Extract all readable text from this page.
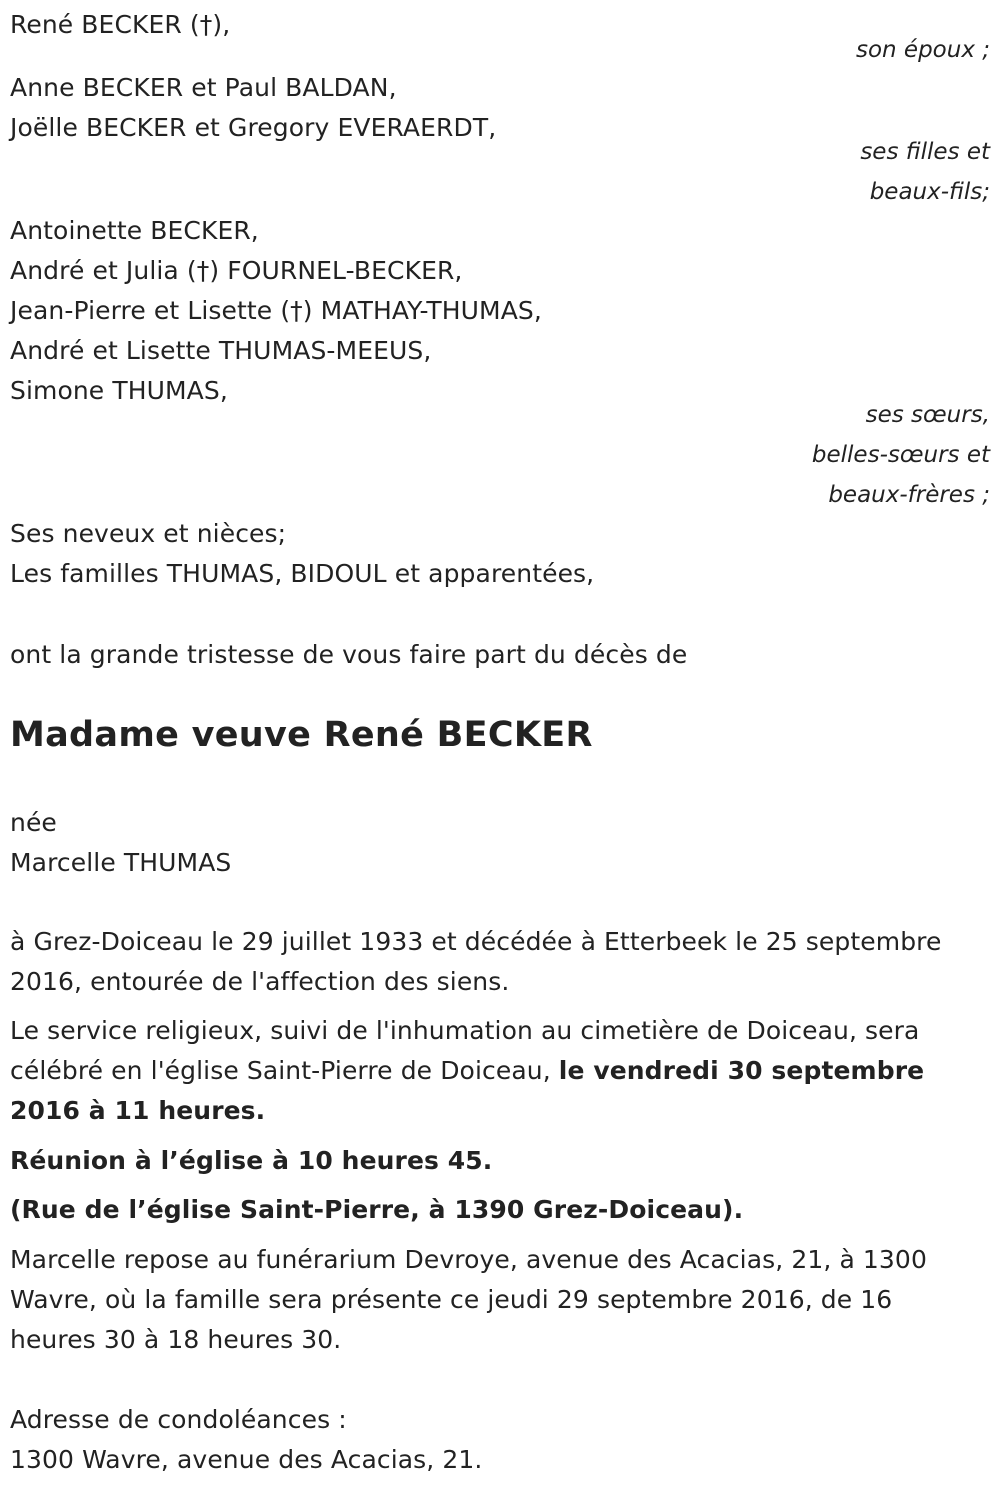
René BECKER (†),
son époux ;
Anne BECKER et Paul BALDAN,
Joëlle BECKER et Gregory EVERAERDT,
ses filles et
beaux-fils;
Antoinette BECKER,
André et Julia (†) FOURNEL-BECKER,
Jean-Pierre et Lisette (†) MATHAY-THUMAS,
André et Lisette THUMAS-MEEUS,
Simone THUMAS,
ses sœurs,
belles-sœurs et
beaux-frères ;
Ses neveux et nièces;
Les familles THUMAS, BIDOUL et apparentées,
ont la grande tristesse de vous faire part du décès de
Madame veuve René BECKER
née
Marcelle THUMAS
à Grez-Doiceau le 29 juillet 1933 et décédée à Etterbeek le 25 septembre 2016, entourée de l'affection des siens.
Le service religieux, suivi de l'inhumation au cimetière de Doiceau, sera célébré en l'église Saint-Pierre de Doiceau, le vendredi 30 septembre 2016 à 11 heures.
Réunion à l’église à 10 heures 45.
(Rue de l’église Saint-Pierre, à 1390 Grez-Doiceau).
Marcelle repose au funérarium Devroye, avenue des Acacias, 21, à 1300 Wavre, où la famille sera présente ce jeudi 29 septembre 2016, de 16 heures 30 à 18 heures 30.
Adresse de condoléances :
1300 Wavre, avenue des Acacias, 21.
